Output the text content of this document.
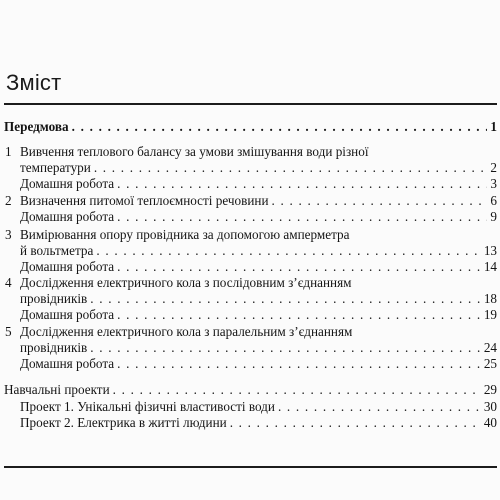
Зміст
Передмова . . .	1
1 Вивчення теплового балансу за умови змішування води різної
температури . . .	2
Домашня робота . . .	3
2 Визначення питомої теплоємності речовини . . .	6
Домашня робота . . .	9
3 Вимірювання опору провідника за допомогою амперметра
й вольтметра . . .	13
Домашня робота . . .	14
4 Дослідження електричного кола з послідовним з’єднанням
провідників . . .	18
Домашня робота . . .	19
5 Дослідження електричного кола з паралельним з’єднанням
провідників . . .	24
Домашня робота . . .	25
Навчальні проекти . . .	29
Проект 1. Унікальні фізичні властивості води . . .	30
Проект 2. Електрика в житті людини . . .	40
